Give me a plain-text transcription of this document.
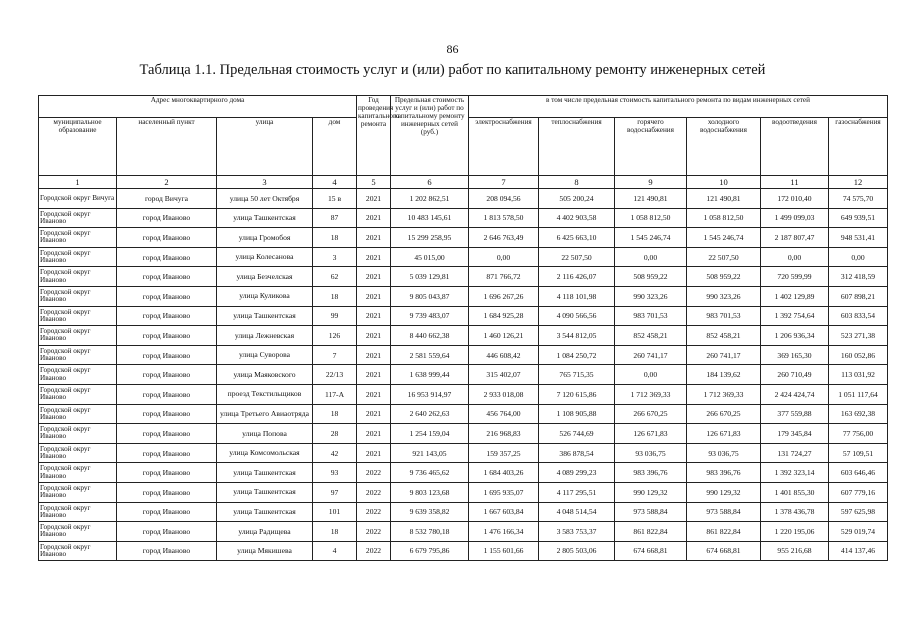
86
Таблица 1.1. Предельная стоимость услуг и (или) работ по капитальному ремонту инженерных сетей
Адрес многоквартирного дома				Год проведения капитального ремонта	Предельная стоимость услуг и (или) работ по капитальному ремонту инженерных сетей (руб.)	в том числе предельная стоимость капитального ремонта по видам инженерных сетей					
муниципальное образование	населенный пункт	улица	дом			электроснабжения	теплоснабжения	горячего водоснабжения	холодного водоснабжения	водоотведения	газоснабжения
1	2	3	4	5	6	7	8	9	10	11	12
Городской округ Вичуга	город Вичуга	улица 50 лет Октября	15 в	2021	1 202 862,51	208 094,56	505 200,24	121 490,81	121 490,81	172 010,40	74 575,70
Городской округ Иваново	город Иваново	улица Ташкентская	87	2021	10 483 145,61	1 813 578,50	4 402 903,58	1 058 812,50	1 058 812,50	1 499 099,03	649 939,51
Городской округ Иваново	город Иваново	улица Громобоя	18	2021	15 299 258,95	2 646 763,49	6 425 663,10	1 545 246,74	1 545 246,74	2 187 807,47	948 531,41
Городской округ Иваново	город Иваново	улица Колесанова	3	2021	45 015,00	0,00	22 507,50	0,00	22 507,50	0,00	0,00
Городской округ Иваново	город Иваново	улица Безчелская	62	2021	5 039 129,81	871 766,72	2 116 426,07	508 959,22	508 959,22	720 599,99	312 418,59
Городской округ Иваново	город Иваново	улица Куликова	18	2021	9 805 043,87	1 696 267,26	4 118 101,98	990 323,26	990 323,26	1 402 129,89	607 898,21
Городской округ Иваново	город Иваново	улица Ташкентская	99	2021	9 739 483,07	1 684 925,28	4 090 566,56	983 701,53	983 701,53	1 392 754,64	603 833,54
Городской округ Иваново	город Иваново	улица Лежневская	126	2021	8 440 662,38	1 460 126,21	3 544 812,05	852 458,21	852 458,21	1 206 936,34	523 271,38
Городской округ Иваново	город Иваново	улица Суворова	7	2021	2 581 559,64	446 608,42	1 084 250,72	260 741,17	260 741,17	369 165,30	160 052,86
Городской округ Иваново	город Иваново	улица Маяковского	22/13	2021	1 638 999,44	315 402,07	765 715,35	0,00	184 139,62	260 710,49	113 031,92
Городской округ Иваново	город Иваново	проезд Текстильщиков	117-А	2021	16 953 914,97	2 933 018,08	7 120 615,86	1 712 369,33	1 712 369,33	2 424 424,74	1 051 117,64
Городской округ Иваново	город Иваново	улица Третьего Авиаотряда	18	2021	2 640 262,63	456 764,00	1 108 905,88	266 670,25	266 670,25	377 559,88	163 692,38
Городской округ Иваново	город Иваново	улица Попова	28	2021	1 254 159,04	216 968,83	526 744,69	126 671,83	126 671,83	179 345,84	77 756,00
Городской округ Иваново	город Иваново	улица Комсомольская	42	2021	921 143,05	159 357,25	386 878,54	93 036,75	93 036,75	131 724,27	57 109,51
Городской округ Иваново	город Иваново	улица Ташкентская	93	2022	9 736 465,62	1 684 403,26	4 089 299,23	983 396,76	983 396,76	1 392 323,14	603 646,46
Городской округ Иваново	город Иваново	улица Ташкентская	97	2022	9 803 123,68	1 695 935,07	4 117 295,51	990 129,32	990 129,32	1 401 855,30	607 779,16
Городской округ Иваново	город Иваново	улица Ташкентская	101	2022	9 639 358,82	1 667 603,84	4 048 514,54	973 588,84	973 588,84	1 378 436,78	597 625,98
Городской округ Иваново	город Иваново	улица Радищева	18	2022	8 532 780,18	1 476 166,34	3 583 753,37	861 822,84	861 822,84	1 220 195,06	529 019,74
Городской округ Иваново	город Иваново	улица Мякишева	4	2022	6 679 795,86	1 155 601,66	2 805 503,06	674 668,81	674 668,81	955 216,68	414 137,46
